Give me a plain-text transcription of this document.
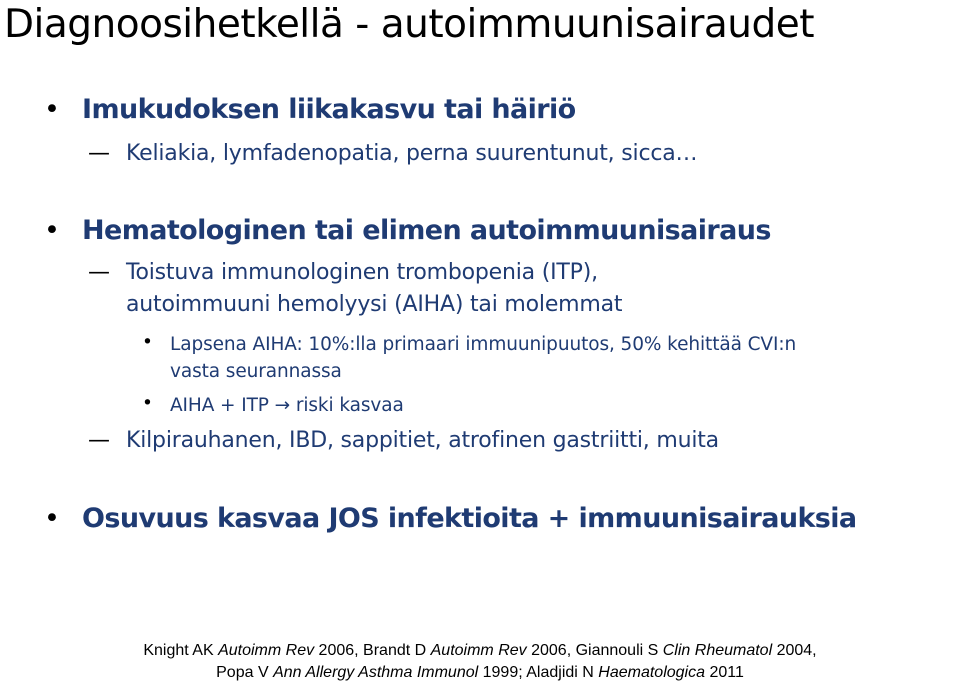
Diagnoosihetkellä - autoimmuunisairaudet
• Imukudoksen liikakasvu tai häiriö
— Keliakia, lymfadenopatia, perna suurentunut, sicca…
• Hematologinen tai elimen autoimmuunisairaus
— Toistuva immunologinen trombopenia (ITP),
autoimmuuni hemolyysi (AIHA) tai molemmat
• Lapsena AIHA: 10%:lla primaari immuunipuutos, 50% kehittää CVI:n
vasta seurannassa
• AIHA + ITP → riski kasvaa
— Kilpirauhanen, IBD, sappitiet, atrofinen gastriitti, muita
• Osuvuus kasvaa JOS infektioita + immuunisairauksia
Knight AK Autoimm Rev 2006, Brandt D Autoimm Rev 2006, Giannouli S Clin Rheumatol 2004,
Popa V Ann Allergy Asthma Immunol 1999; Aladjidi N Haematologica 2011
